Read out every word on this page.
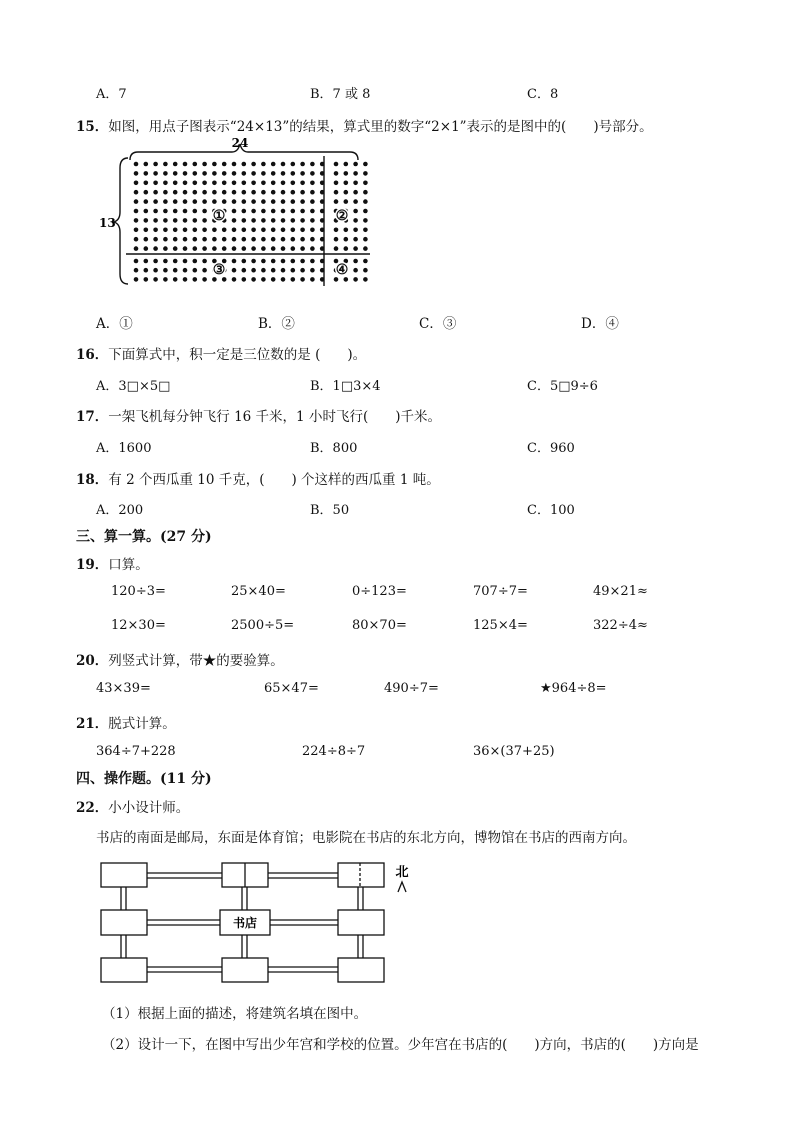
A．7	B．7 或 8	C．8
15．如图，用点子图表示“24×13”的结果，算式里的数字“2×1”表示的是图中的(　　)号部分。
24
13	①	②
③	④
A．①	B．②	C．③	D．④
16．下面算式中，积一定是三位数的是 (　　)。
A．3□×5□	B．1□3×4	C．5□9÷6
17．一架飞机每分钟飞行 16 千米，1 小时飞行(　　)千米。
A．1600	B．800	C．960
18．有 2 个西瓜重 10 千克，(　　) 个这样的西瓜重 1 吨。
A．200	B．50	C．100
三、算一算。(27 分)
19．口算。
120÷3=	25×40=	0÷123=	707÷7=	49×21≈
12×30=	2500÷5=	80×70=	125×4=	322÷4≈
20．列竖式计算，带★的要验算。
43×39=	65×47=	490÷7=	★964÷8=
21．脱式计算。
364÷7+228	224÷8÷7	36×(37+25)
四、操作题。(11 分)
22．小小设计师。
书店的南面是邮局，东面是体育馆；电影院在书店的东北方向，博物馆在书店的西南方向。
书店
北
（1）根据上面的描述，将建筑名填在图中。
（2）设计一下，在图中写出少年宫和学校的位置。少年宫在书店的(　　)方向，书店的(　　)方向是
